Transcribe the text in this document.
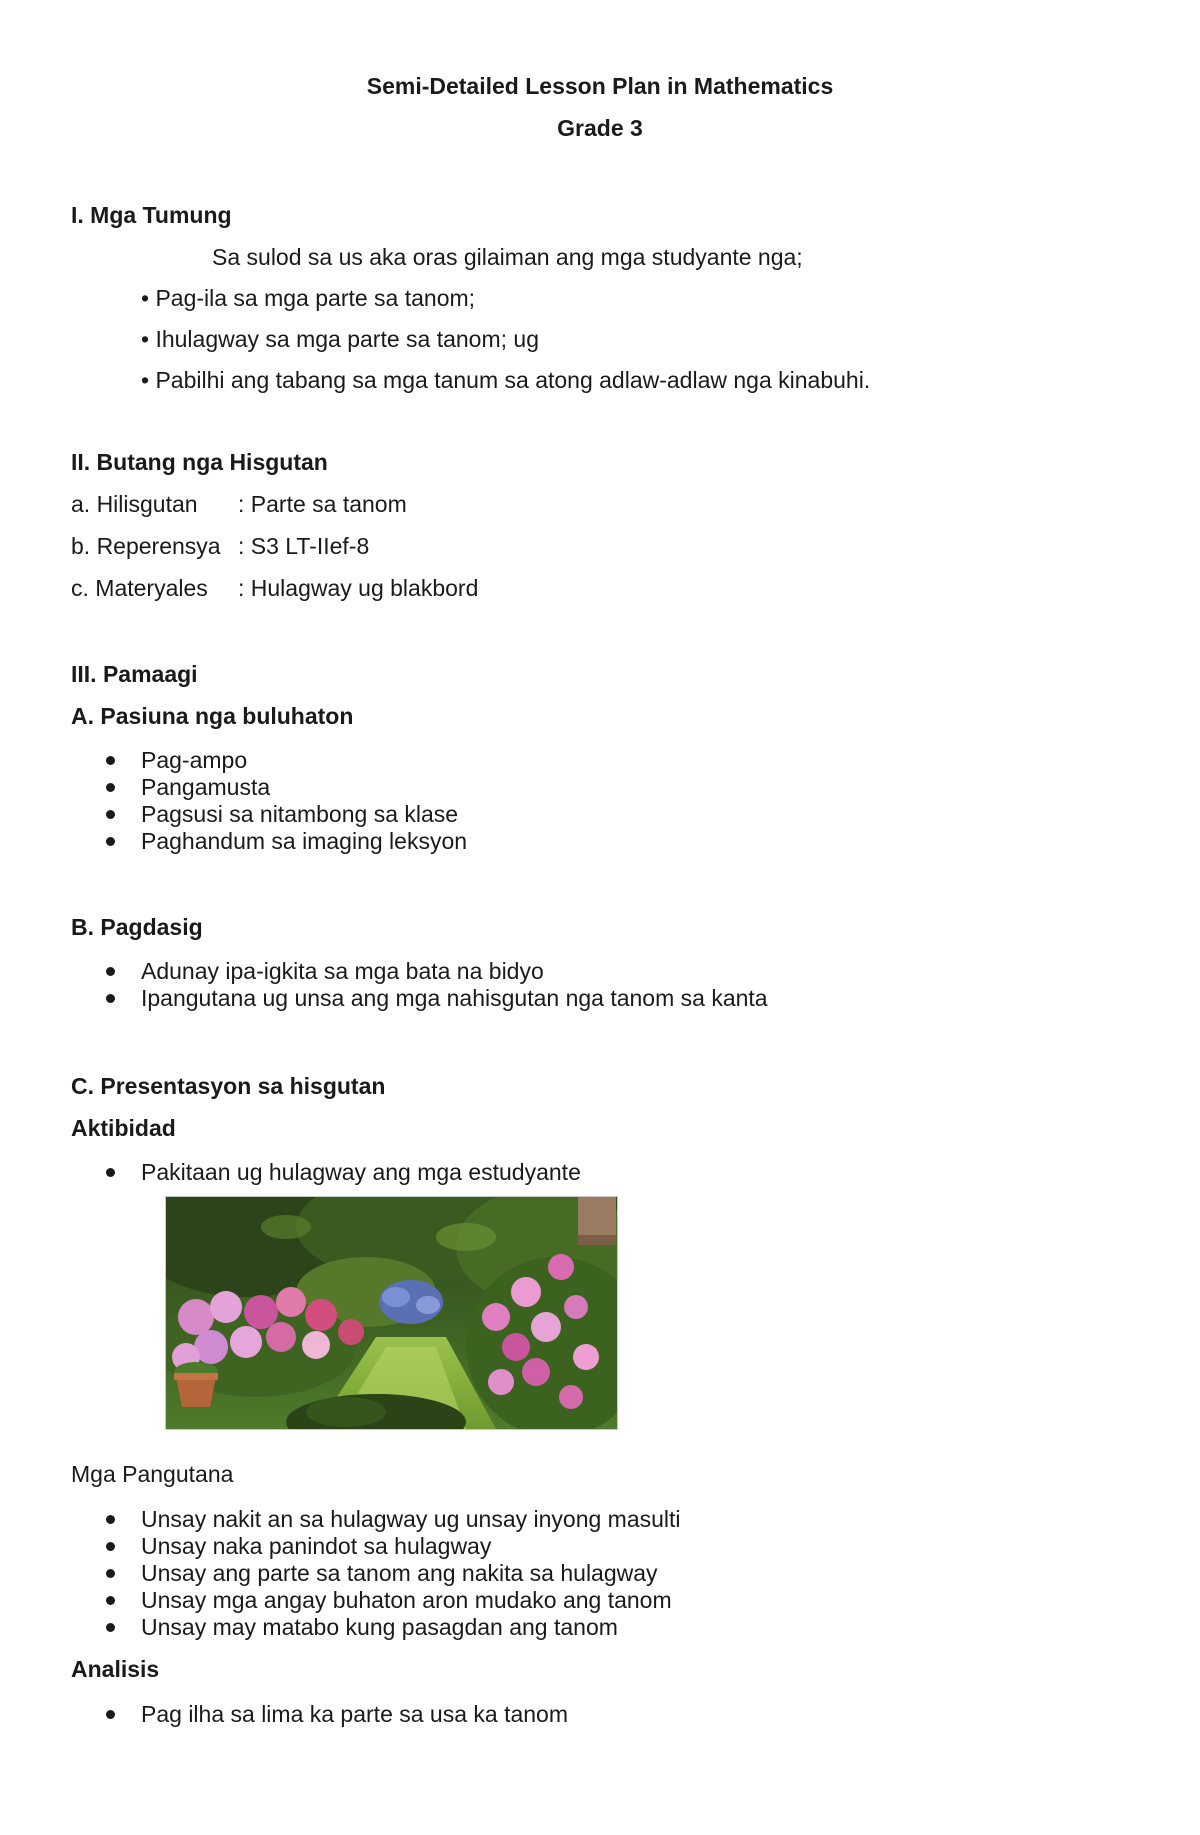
Semi-Detailed Lesson Plan in Mathematics
Grade 3
I. Mga Tumung
Sa sulod sa us aka oras gilaiman ang mga studyante nga;
• Pag-ila sa mga parte sa tanom;
• Ihulagway sa mga parte sa tanom; ug
• Pabilhi ang tabang sa mga tanum sa atong adlaw-adlaw nga kinabuhi.
II. Butang nga Hisgutan
a. Hilisgutan : Parte sa tanom
b. Reperensya : S3 LT-IIef-8
c. Materyales : Hulagway ug blakbord
III. Pamaagi
A. Pasiuna nga buluhaton
Pag-ampo
Pangamusta
Pagsusi sa nitambong sa klase
Paghandum sa imaging leksyon
B. Pagdasig
Adunay ipa-igkita sa mga bata na bidyo
Ipangutana ug unsa ang mga nahisgutan nga tanom sa kanta
C. Presentasyon sa hisgutan
Aktibidad
Pakitaan ug hulagway ang mga estudyante
Mga Pangutana
Unsay nakit an sa hulagway ug unsay inyong masulti
Unsay naka panindot sa hulagway
Unsay ang parte sa tanom ang nakita sa hulagway
Unsay mga angay buhaton aron mudako ang tanom
Unsay may matabo kung pasagdan ang tanom
Analisis
Pag ilha sa lima ka parte sa usa ka tanom
